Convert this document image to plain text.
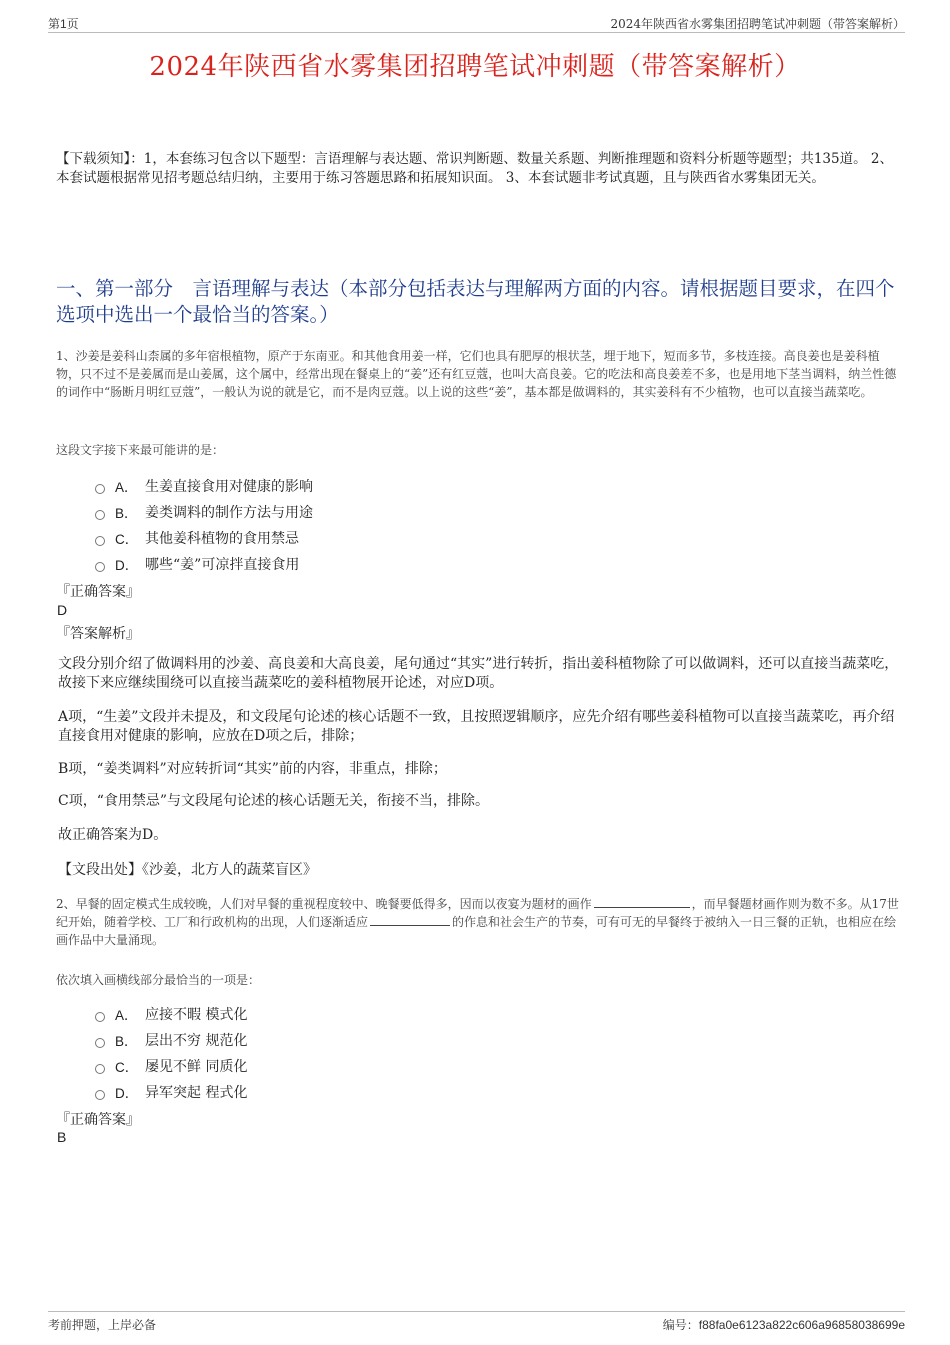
第1页	2024年陕西省水雾集团招聘笔试冲刺题（带答案解析）
2024年陕西省水雾集团招聘笔试冲刺题（带答案解析）
【下载须知】：1，本套练习包含以下题型：言语理解与表达题、常识判断题、数量关系题、判断推理题和资料分析题等题型；共135道。 2、本套试题根据常见招考题总结归纳，主要用于练习答题思路和拓展知识面。 3、本套试题非考试真题，且与陕西省水雾集团无关。
一、第一部分　言语理解与表达（本部分包括表达与理解两方面的内容。请根据题目要求，在四个选项中选出一个最恰当的答案。）

1、沙姜是姜科山柰属的多年宿根植物，原产于东南亚。和其他食用姜一样，它们也具有肥厚的根状茎，埋于地下，短而多节，多枝连接。高良姜也是姜科植物，只不过不是姜属而是山姜属，这个属中，经常出现在餐桌上的“姜”还有红豆蔻，也叫大高良姜。它的吃法和高良姜差不多，也是用地下茎当调料，纳兰性德的词作中“肠断月明红豆蔻”，一般认为说的就是它，而不是肉豆蔻。以上说的这些“姜”，基本都是做调料的，其实姜科有不少植物，也可以直接当蔬菜吃。

这段文字接下来最可能讲的是：

A． 生姜直接食用对健康的影响
B． 姜类调料的制作方法与用途
C． 其他姜科植物的食用禁忌
D． 哪些“姜”可凉拌直接食用
『正确答案』
D
『答案解析』

文段分别介绍了做调料用的沙姜、高良姜和大高良姜，尾句通过“其实”进行转折，指出姜科植物除了可以做调料，还可以直接当蔬菜吃，故接下来应继续围绕可以直接当蔬菜吃的姜科植物展开论述，对应D项。

A项，“生姜”文段并未提及，和文段尾句论述的核心话题不一致，且按照逻辑顺序，应先介绍有哪些姜科植物可以直接当蔬菜吃，再介绍直接食用对健康的影响，应放在D项之后，排除；

B项，“姜类调料”对应转折词“其实”前的内容，非重点，排除；

C项，“食用禁忌”与文段尾句论述的核心话题无关，衔接不当，排除。

故正确答案为D。

【文段出处】《沙姜，北方人的蔬菜盲区》

2、早餐的固定模式生成较晚，人们对早餐的重视程度较中、晚餐要低得多，因而以夜宴为题材的画作	，而早餐题材画作则为数不多。从17世纪开始，随着学校、工厂和行政机构的出现，人们逐渐适应	的作息和社会生产的节奏，可有可无的早餐终于被纳入一日三餐的正轨，也相应在绘画作品中大量涌现。

依次填入画横线部分最恰当的一项是：

A． 应接不暇 模式化
B． 层出不穷 规范化
C． 屡见不鲜 同质化
D． 异军突起 程式化
『正确答案』
B
考前押题，上岸必备	编号：f88fa0e6123a822c606a96858038699e
